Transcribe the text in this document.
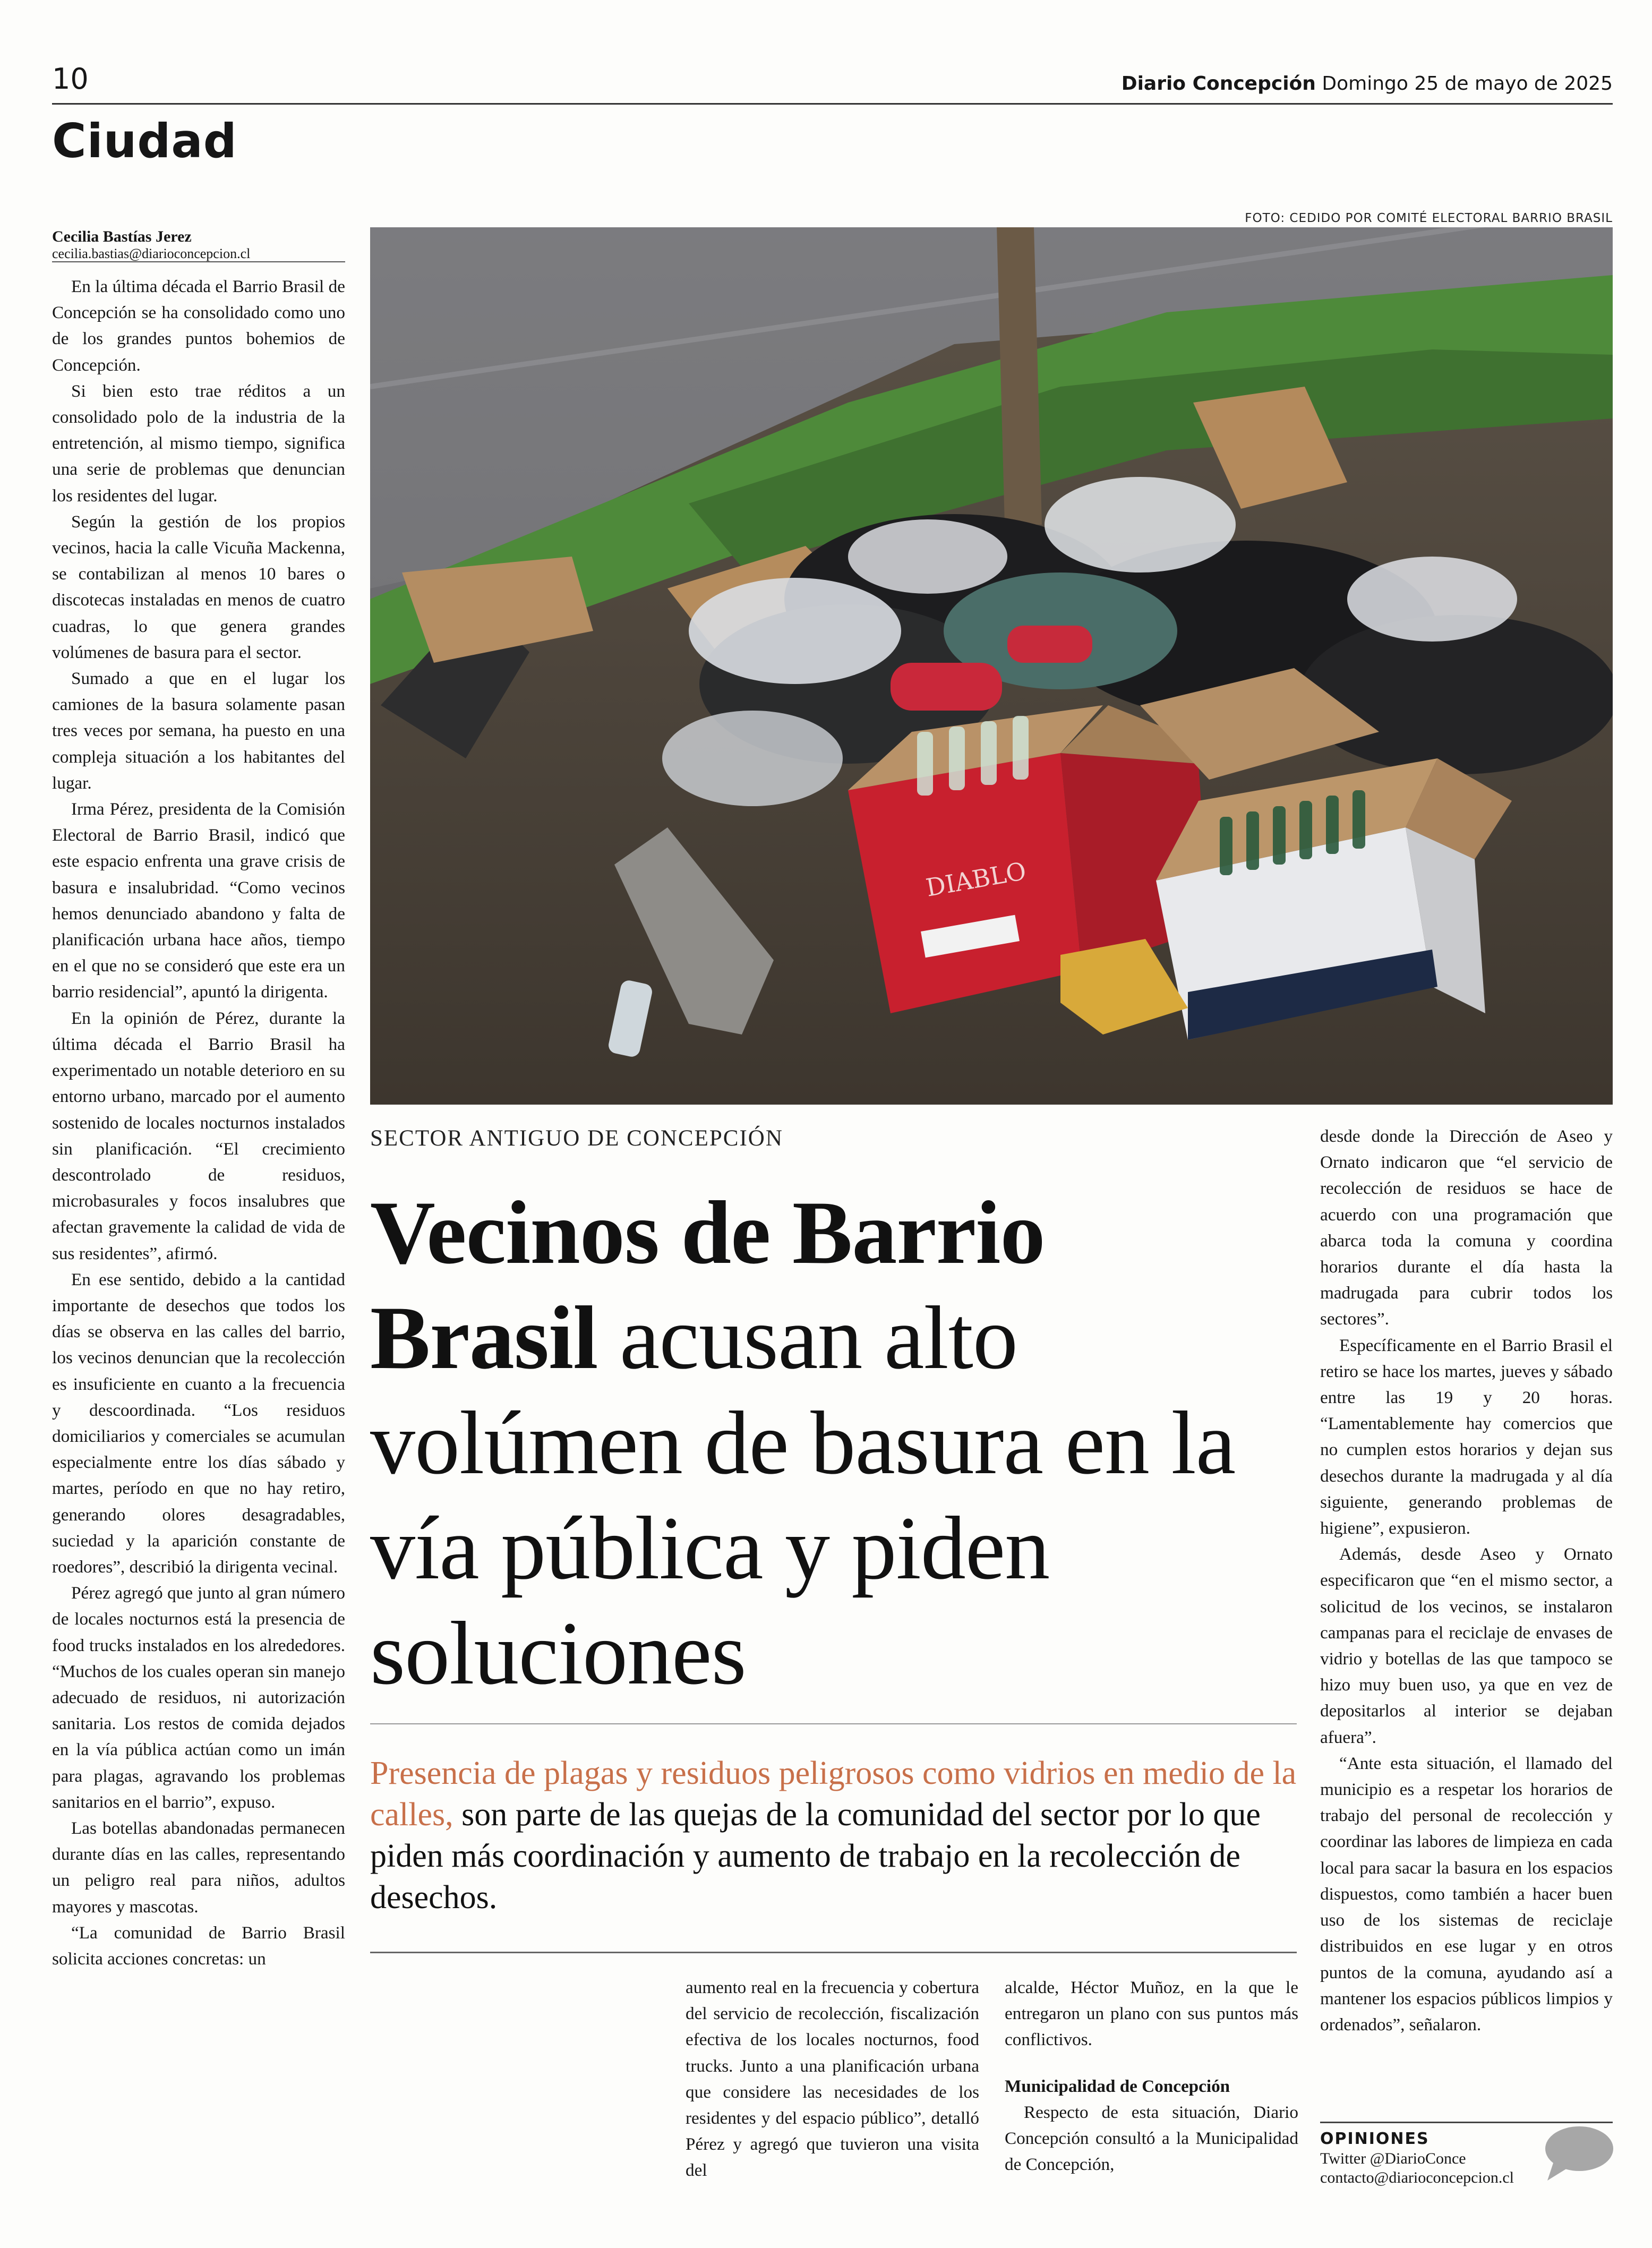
10	Diario Concepción Domingo 25 de mayo de 2025
Ciudad
Cecilia Bastías Jerez
cecilia.bastias@diarioconcepcion.cl

En la última década el Barrio Brasil de Concepción se ha consolidado como uno de los grandes puntos bohemios de Concepción.

Si bien esto trae réditos a un consolidado polo de la industria de la entretención, al mismo tiempo, significa una serie de problemas que denuncian los residentes del lugar.

Según la gestión de los propios vecinos, hacia la calle Vicuña Mackenna, se contabilizan al menos 10 bares o discotecas instaladas en menos de cuatro cuadras, lo que genera grandes volúmenes de basura para el sector.

Sumado a que en el lugar los camiones de la basura solamente pasan tres veces por semana, ha puesto en una compleja situación a los habitantes del lugar.

Irma Pérez, presidenta de la Comisión Electoral de Barrio Brasil, indicó que este espacio enfrenta una grave crisis de basura e insalubridad. “Como vecinos hemos denunciado abandono y falta de planificación urbana hace años, tiempo en el que no se consideró que este era un barrio residencial”, apuntó la dirigenta.

En la opinión de Pérez, durante la última década el Barrio Brasil ha experimentado un notable deterioro en su entorno urbano, marcado por el aumento sostenido de locales nocturnos instalados sin planificación. “El crecimiento descontrolado de residuos, microbasurales y focos insalubres que afectan gravemente la calidad de vida de sus residentes”, afirmó.

En ese sentido, debido a la cantidad importante de desechos que todos los días se observa en las calles del barrio, los vecinos denuncian que la recolección es insuficiente en cuanto a la frecuencia y descoordinada. “Los residuos domiciliarios y comerciales se acumulan especialmente entre los días sábado y martes, período en que no hay retiro, generando olores desagradables, suciedad y la aparición constante de roedores”, describió la dirigenta vecinal.

Pérez agregó que junto al gran número de locales nocturnos está la presencia de food trucks instalados en los alrededores. “Muchos de los cuales operan sin manejo adecuado de residuos, ni autorización sanitaria. Los restos de comida dejados en la vía pública actúan como un imán para plagas, agravando los problemas sanitarios en el barrio”, expuso.

Las botellas abandonadas permanecen durante días en las calles, representando un peligro real para niños, adultos mayores y mascotas.

“La comunidad de Barrio Brasil solicita acciones concretas: un

FOTO: CEDIDO POR COMITÉ ELECTORAL BARRIO BRASIL
DIABLO
SECTOR ANTIGUO DE CONCEPCIÓN
Vecinos de Barrio Brasil acusan alto volúmen de basura en la vía pública y piden soluciones
Presencia de plagas y residuos peligrosos como vidrios en medio de la calles, son parte de las quejas de la comunidad del sector por lo que piden más coordinación y aumento de trabajo en la recolección de desechos.

aumento real en la frecuencia y cobertura del servicio de recolección, fiscalización efectiva de los locales nocturnos, food trucks. Junto a una planificación urbana que considere las necesidades de los residentes y del espacio público”, detalló Pérez y agregó que tuvieron una visita del

alcalde, Héctor Muñoz, en la que le entregaron un plano con sus puntos más conflictivos.

Municipalidad de Concepción

Respecto de esta situación, Diario Concepción consultó a la Municipalidad de Concepción,

desde donde la Dirección de Aseo y Ornato indicaron que “el servicio de recolección de residuos se hace de acuerdo con una programación que abarca toda la comuna y coordina horarios durante el día hasta la madrugada para cubrir todos los sectores”.

Específicamente en el Barrio Brasil el retiro se hace los martes, jueves y sábado entre las 19 y 20 horas. “Lamentablemente hay comercios que no cumplen estos horarios y dejan sus desechos durante la madrugada y al día siguiente, generando problemas de higiene”, expusieron.

Además, desde Aseo y Ornato especificaron que “en el mismo sector, a solicitud de los vecinos, se instalaron campanas para el reciclaje de envases de vidrio y botellas de las que tampoco se hizo muy buen uso, ya que en vez de depositarlos al interior se dejaban afuera”.

“Ante esta situación, el llamado del municipio es a respetar los horarios de trabajo del personal de recolección y coordinar las labores de limpieza en cada local para sacar la basura en los espacios dispuestos, como también a hacer buen uso de los sistemas de reciclaje distribuidos en ese lugar y en otros puntos de la comuna, ayudando así a mantener los espacios públicos limpios y ordenados”, señalaron.

OPINIONES
Twitter @DiarioConce
contacto@diarioconcepcion.cl
